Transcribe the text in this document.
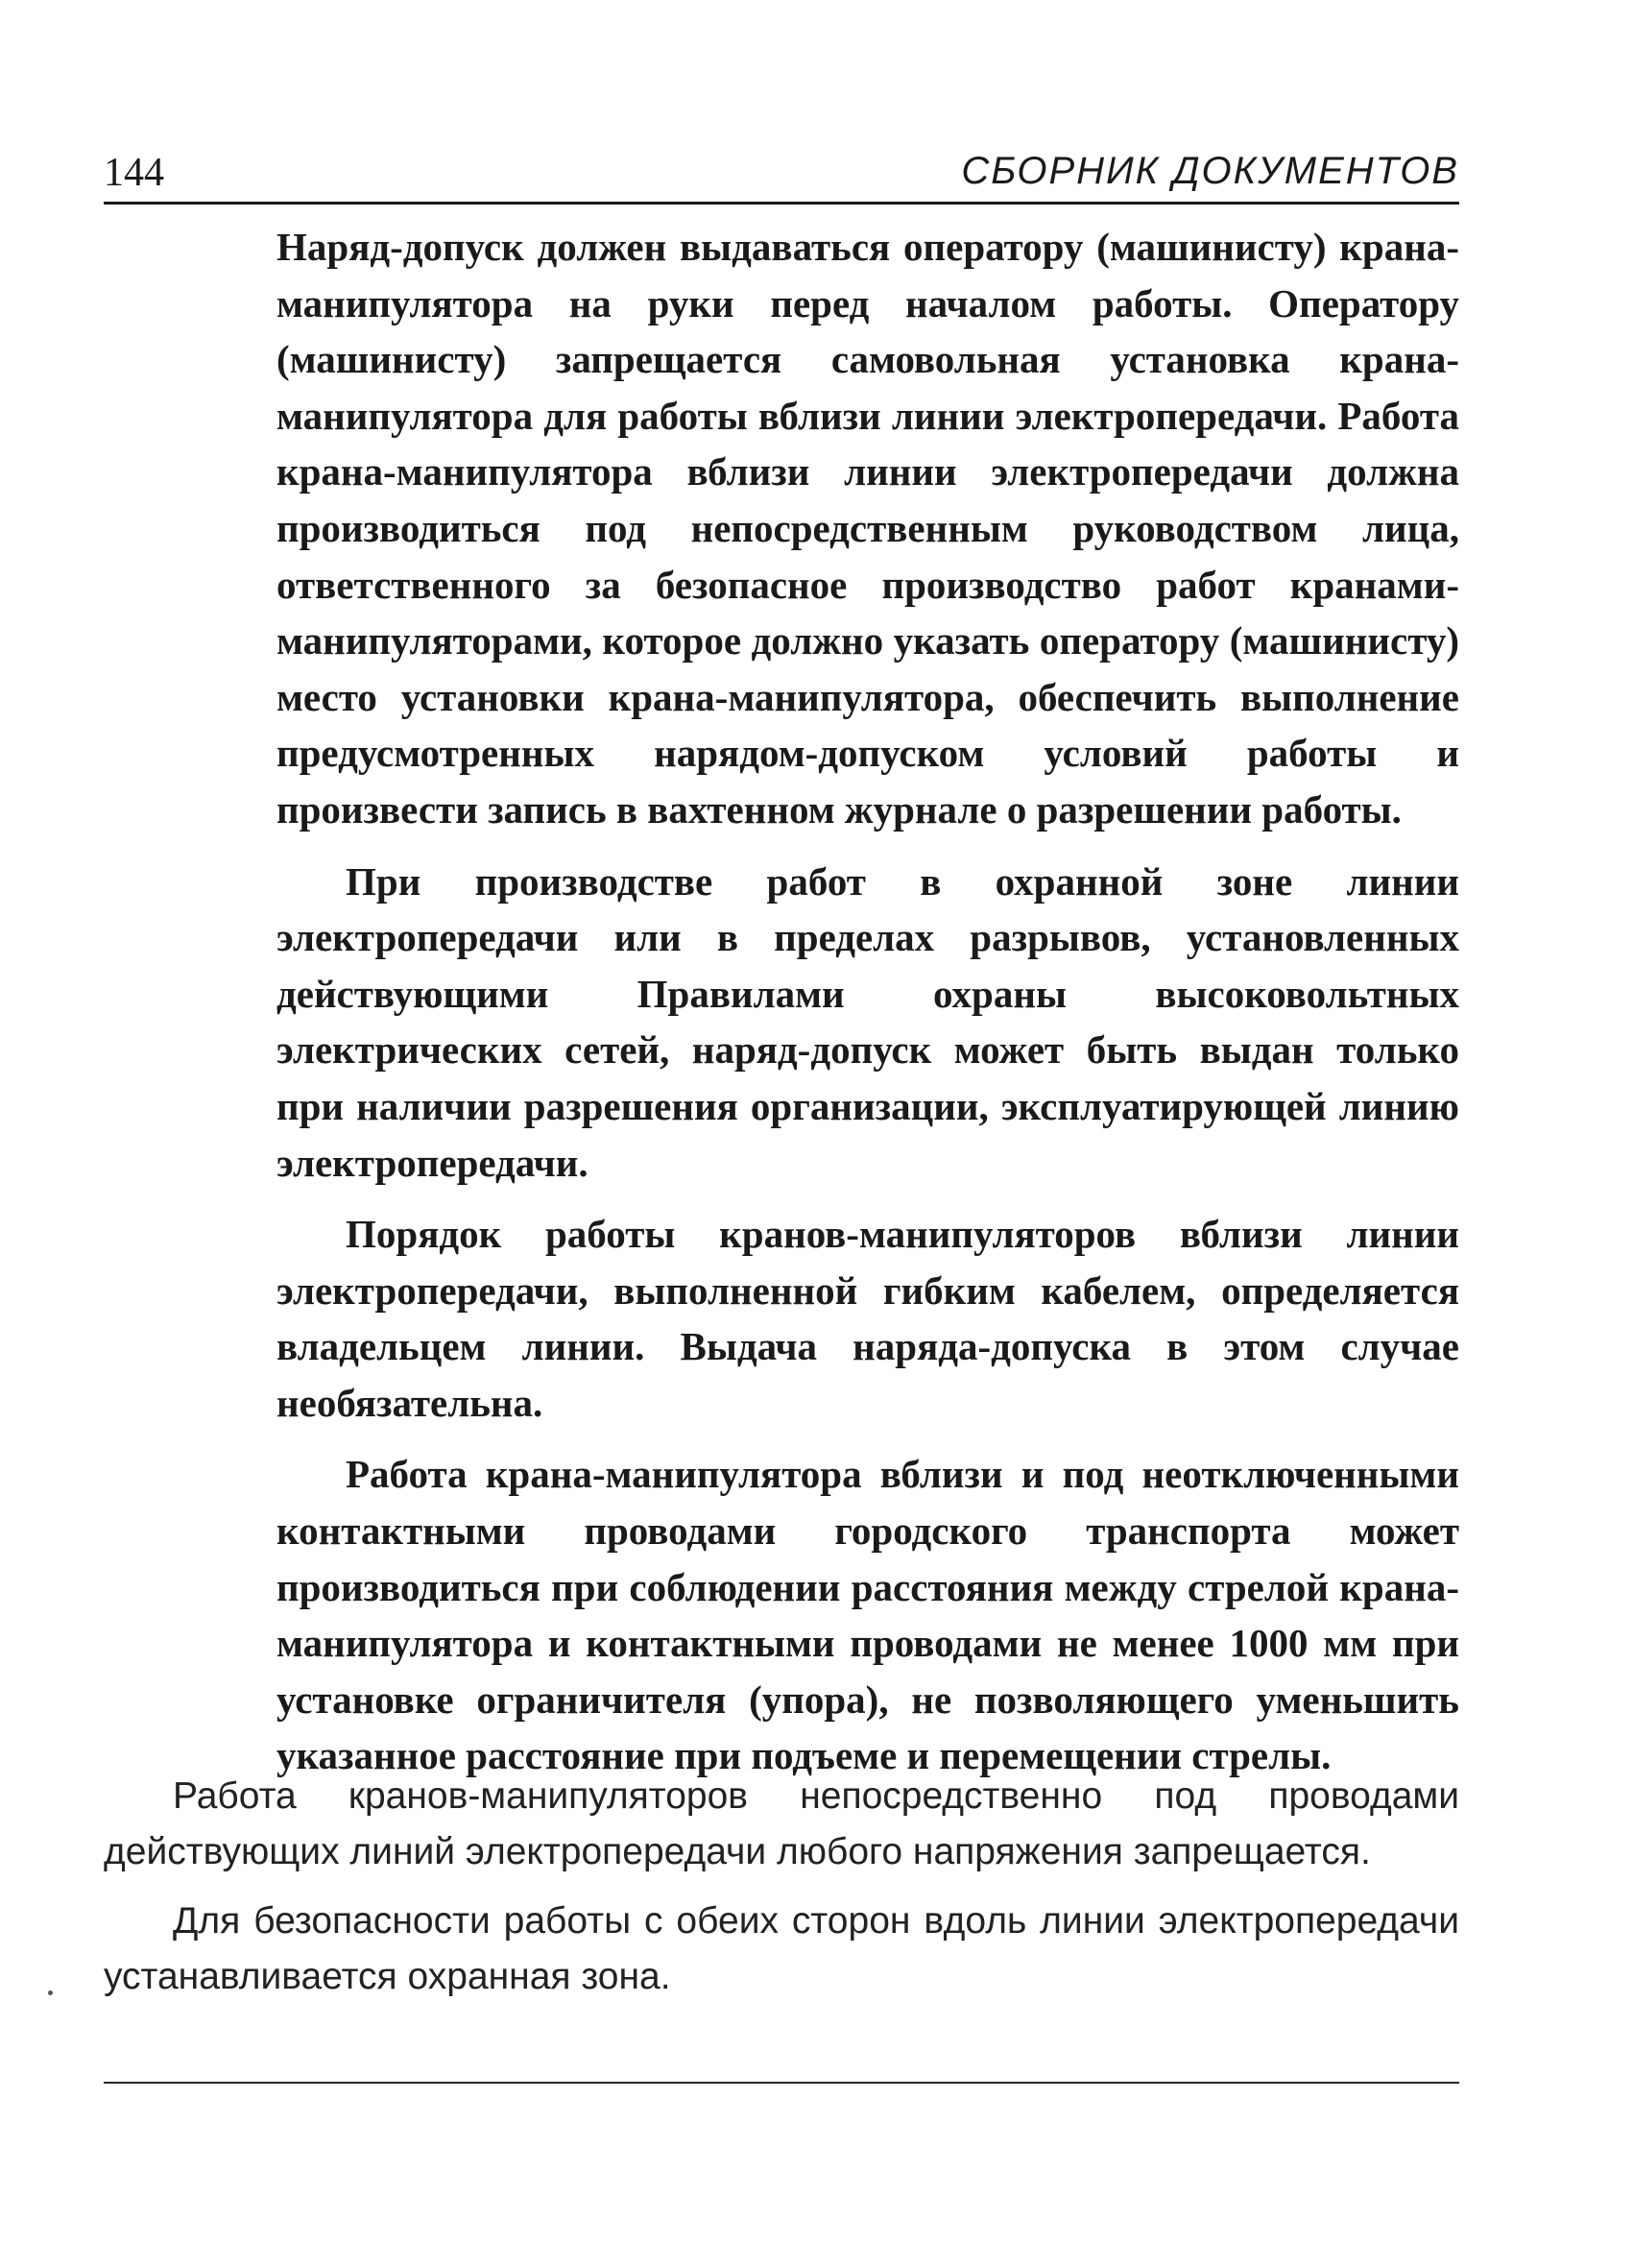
144	СБОРНИК ДОКУМЕНТОВ

Наряд-допуск должен выдаваться оператору (машинисту) крана-манипулятора на руки перед началом работы. Оператору (машинисту) запрещается самовольная установка крана-манипулятора для работы вблизи линии электропередачи. Работа крана-манипулятора вблизи линии электропередачи должна производиться под непосредственным руководством лица, ответственного за безопасное производство работ кранами-манипуляторами, которое должно указать оператору (машинисту) место установки крана-манипулятора, обеспечить выполнение предусмотренных нарядом-допуском условий работы и произвести запись в вахтенном журнале о разрешении работы.

При производстве работ в охранной зоне линии электропередачи или в пределах разрывов, установленных действующими Правилами охраны высоковольтных электрических сетей, наряд-допуск может быть выдан только при наличии разрешения организации, эксплуатирующей линию электропередачи.

Порядок работы кранов-манипуляторов вблизи линии электропередачи, выполненной гибким кабелем, определяется владельцем линии. Выдача наряда-допуска в этом случае необязательна.

Работа крана-манипулятора вблизи и под неотключенными контактными проводами городского транспорта может производиться при соблюдении расстояния между стрелой крана-манипулятора и контактными проводами не менее 1000 мм при установке ограничителя (упора), не позволяющего уменьшить указанное расстояние при подъеме и перемещении стрелы.

Работа кранов-манипуляторов непосредственно под проводами действующих линий электропередачи любого напряжения запрещается.

Для безопасности работы с обеих сторон вдоль линии электропередачи устанавливается охранная зона.
